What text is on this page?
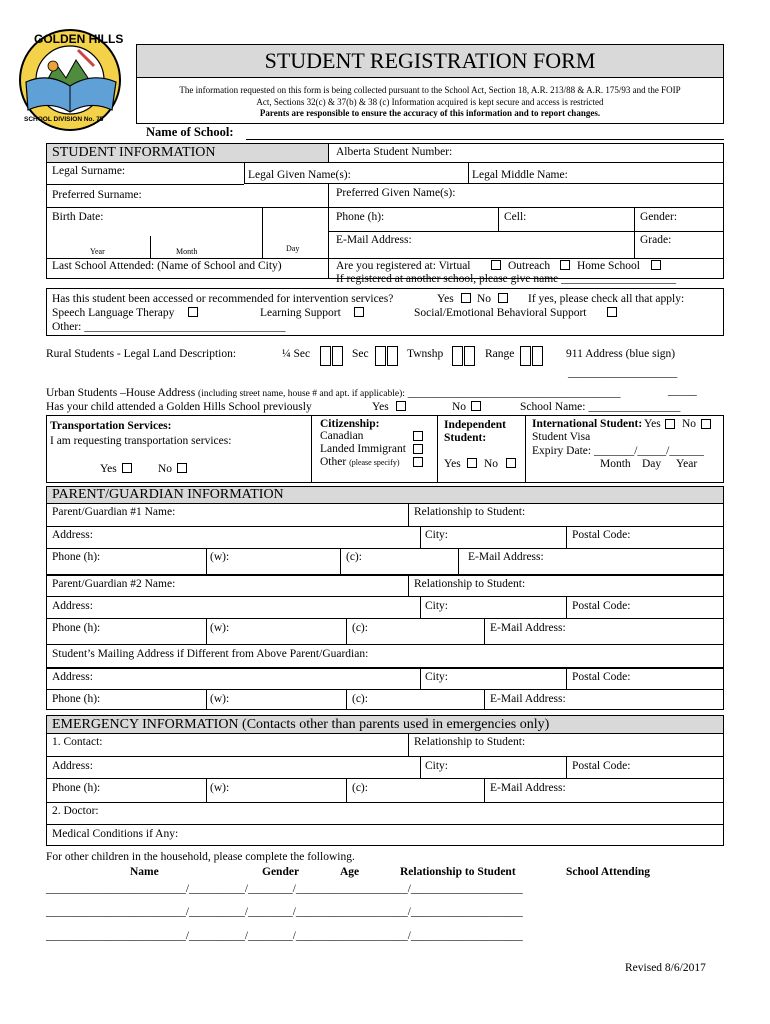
GOLDEN HILLS
SCHOOL DIVISION No. 75
STUDENT REGISTRATION FORM
The information requested on this form is being collected pursuant to the School Act, Section 18, A.R. 213/88 & A.R. 175/93 and the FOIP
Act, Sections 32(c) & 37(b) & 38 (c) Information acquired is kept secure and access is restricted
Parents are responsible to ensure the accuracy of this information and to report changes.
Name of School:
STUDENT INFORMATION	Alberta Student Number:
Legal Surname:	Legal Given Name(s):	Legal Middle Name:
Preferred Surname:	Preferred Given Name(s):
Birth Date:
Year	Month	Day
Phone (h):	Cell:	Gender:
E-Mail Address:	Grade:
Last School Attended: (Name of School and City)	Are you registered at: Virtual	Outreach Home School
If registered at another school, please give name ____________________
Has this student been accessed or recommended for intervention services?	Yes No	If yes, please check all that apply:
Speech Language Therapy	Learning Support	Social/Emotional Behavioral Support
Other: ___________________________________
Rural Students - Legal Land Description:	¼ Sec	Sec	Twnshp	Range	911 Address (blue sign)
___________________
_____
Urban Students –House Address (including street name, house # and apt. if applicable): _____________________________________
Has your child attended a Golden Hills School previously	Yes	No	School Name: ________________
Transportation Services:
I am requesting transportation services:
Yes	No
Citizenship:
Canadian
Landed Immigrant
Other (please specify)
Independent
Student:
Yes No
International Student: Yes No
Student Visa
Expiry Date: _______/_____/______
Month Day Year
PARENT/GUARDIAN INFORMATION
Parent/Guardian #1 Name:	Relationship to Student:
Address:	City:	Postal Code:
Phone (h):	(w):	(c):	E-Mail Address:
Parent/Guardian #2 Name:	Relationship to Student:
Address:	City:	Postal Code:
Phone (h):	(w):	(c):	E-Mail Address:
Student’s Mailing Address if Different from Above Parent/Guardian:
Address:	City:	Postal Code:
Phone (h):	(w):	(c):	E-Mail Address:
EMERGENCY INFORMATION (Contacts other than parents used in emergencies only)
1. Contact:	Relationship to Student:
Address:	City:	Postal Code:
Phone (h):	(w):	(c):	E-Mail Address:
2. Doctor:
Medical Conditions if Any:
For other children in the household, please complete the following.
Name	Gender	Age	Relationship to Student	School Attending
_________________________/__________/________/____________________/____________________
_________________________/__________/________/____________________/____________________
_________________________/__________/________/____________________/____________________
Revised 8/6/2017
